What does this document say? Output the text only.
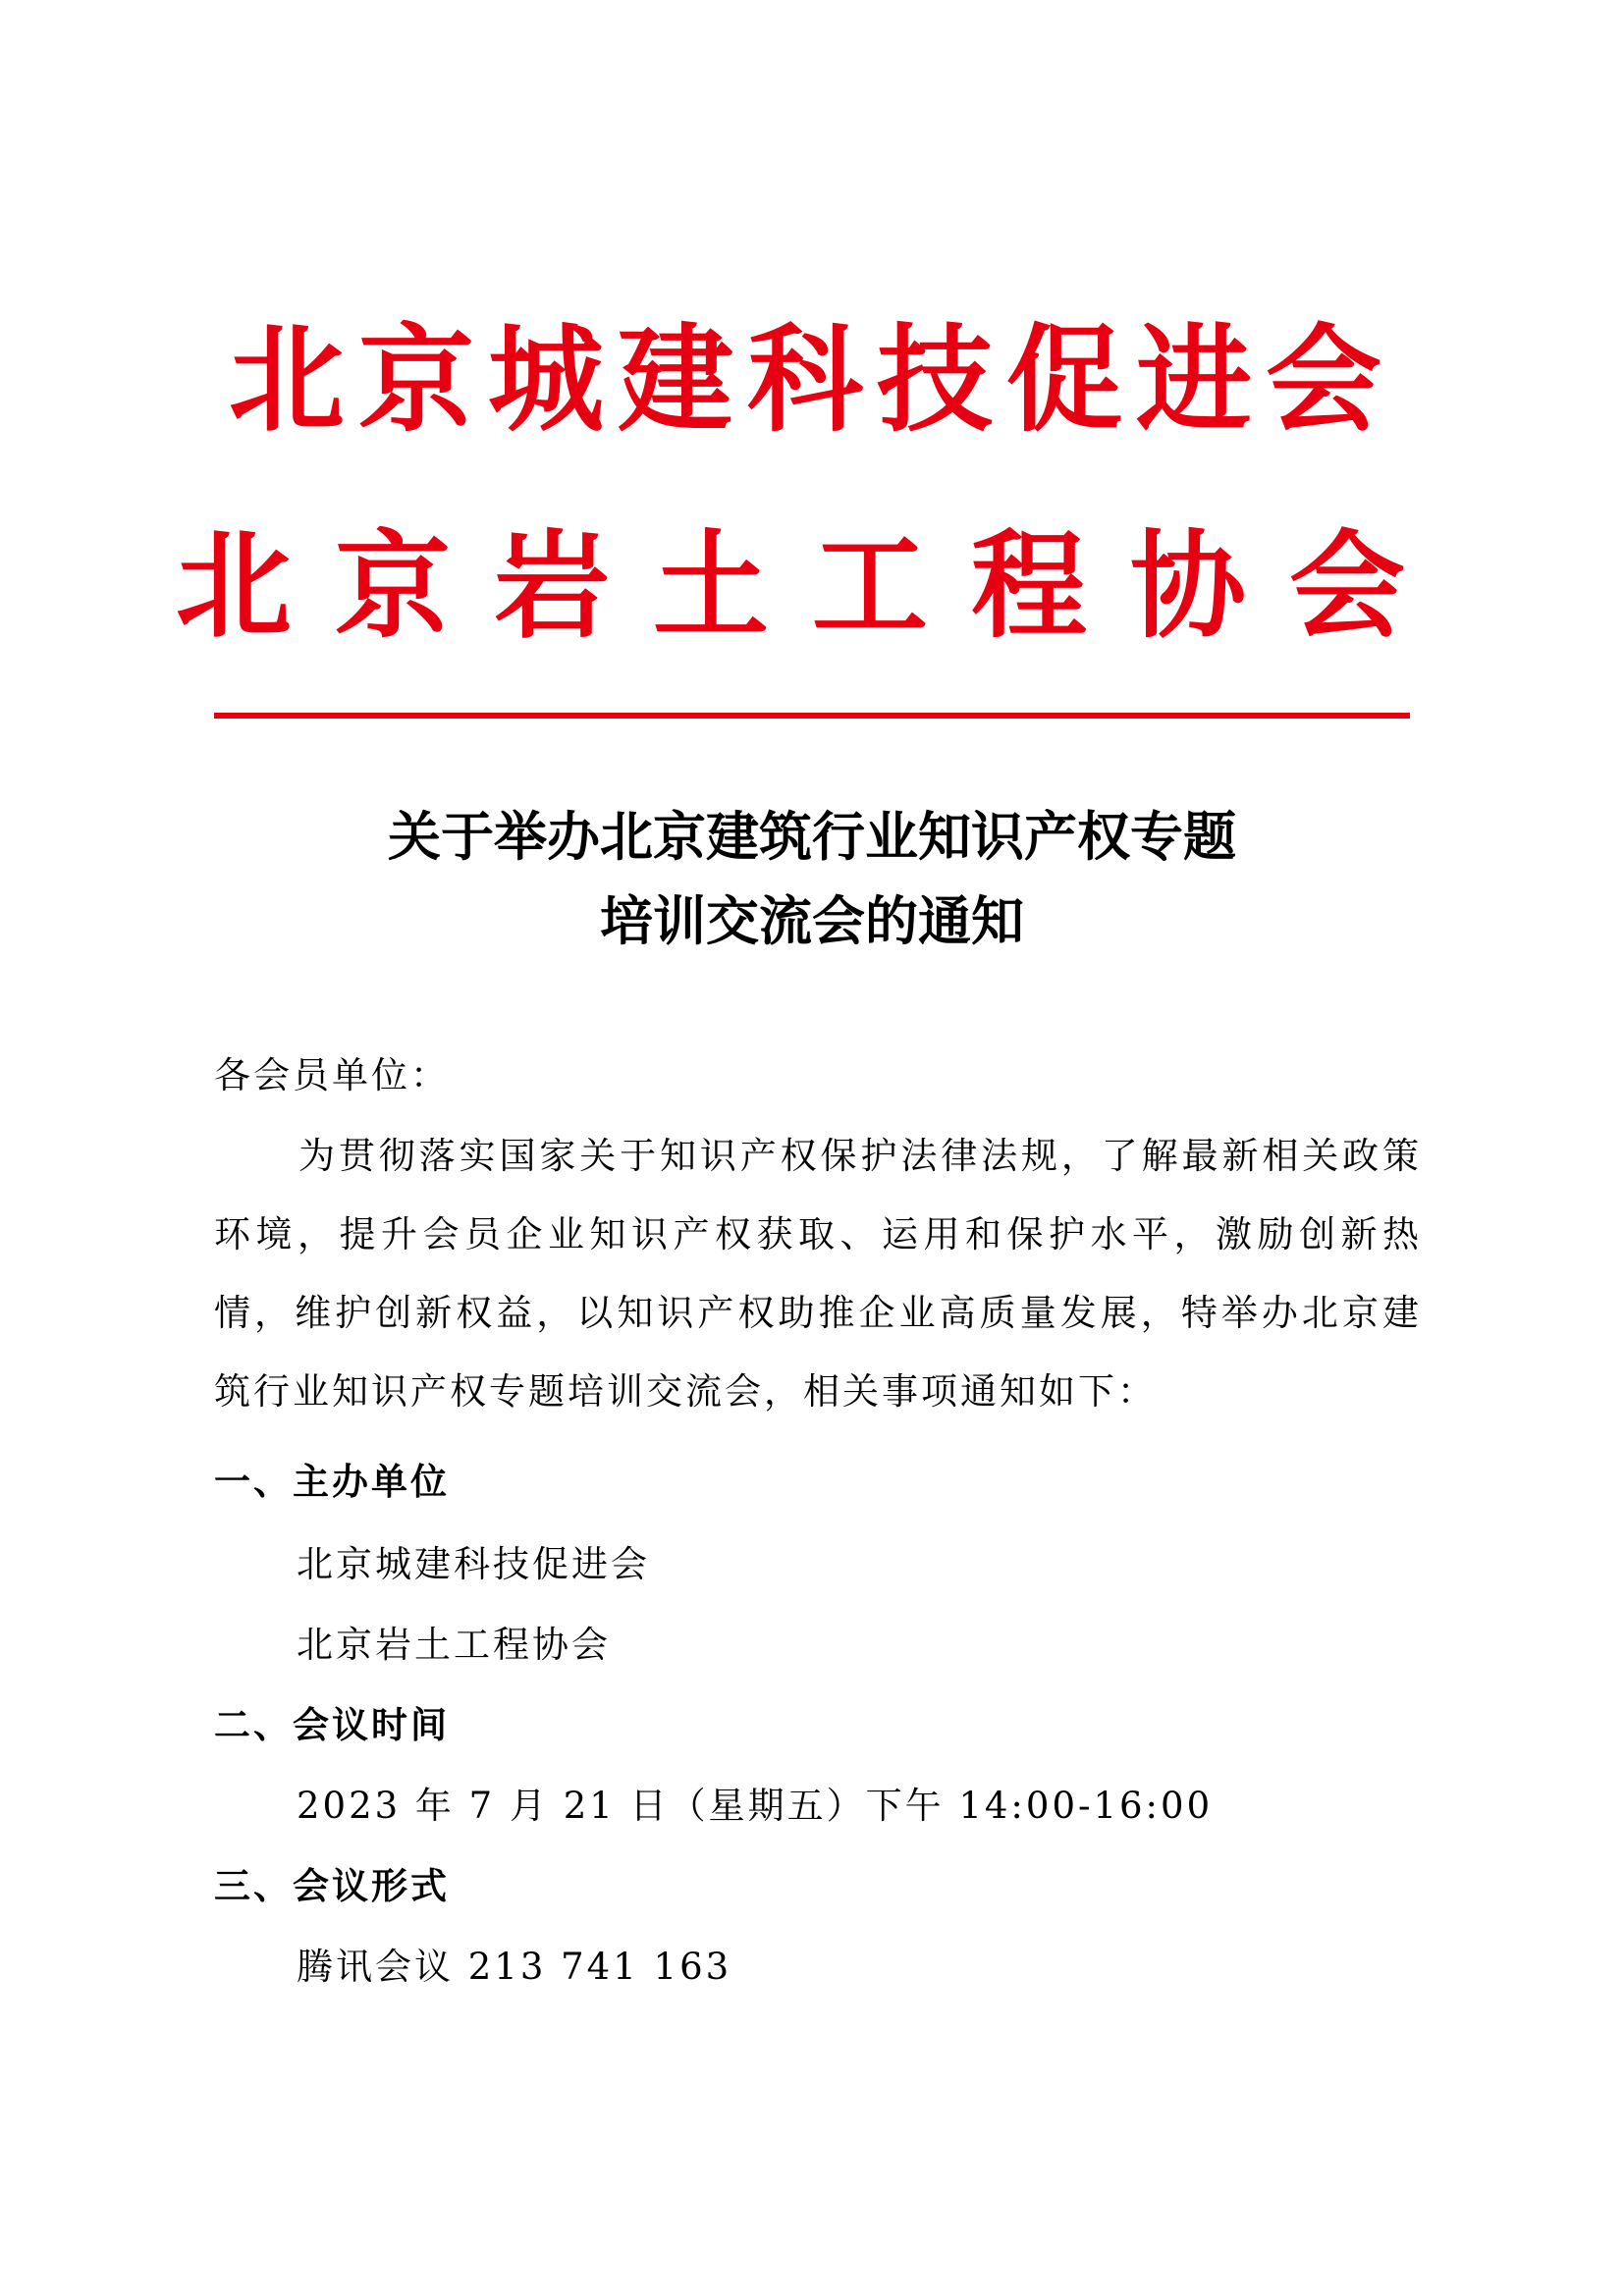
北京城建科技促进会
北京岩土工程协会
关于举办北京建筑行业知识产权专题
培训交流会的通知
各会员单位：
为贯彻落实国家关于知识产权保护法律法规，了解最新相关政策环境，提升会员企业知识产权获取、运用和保护水平，激励创新热情，维护创新权益，以知识产权助推企业高质量发展，特举办北京建筑行业知识产权专题培训交流会，相关事项通知如下：
一、主办单位
北京城建科技促进会
北京岩土工程协会
二、会议时间
2023 年 7 月 21 日（星期五）下午 14:00-16:00
三、会议形式
腾讯会议 213 741 163
